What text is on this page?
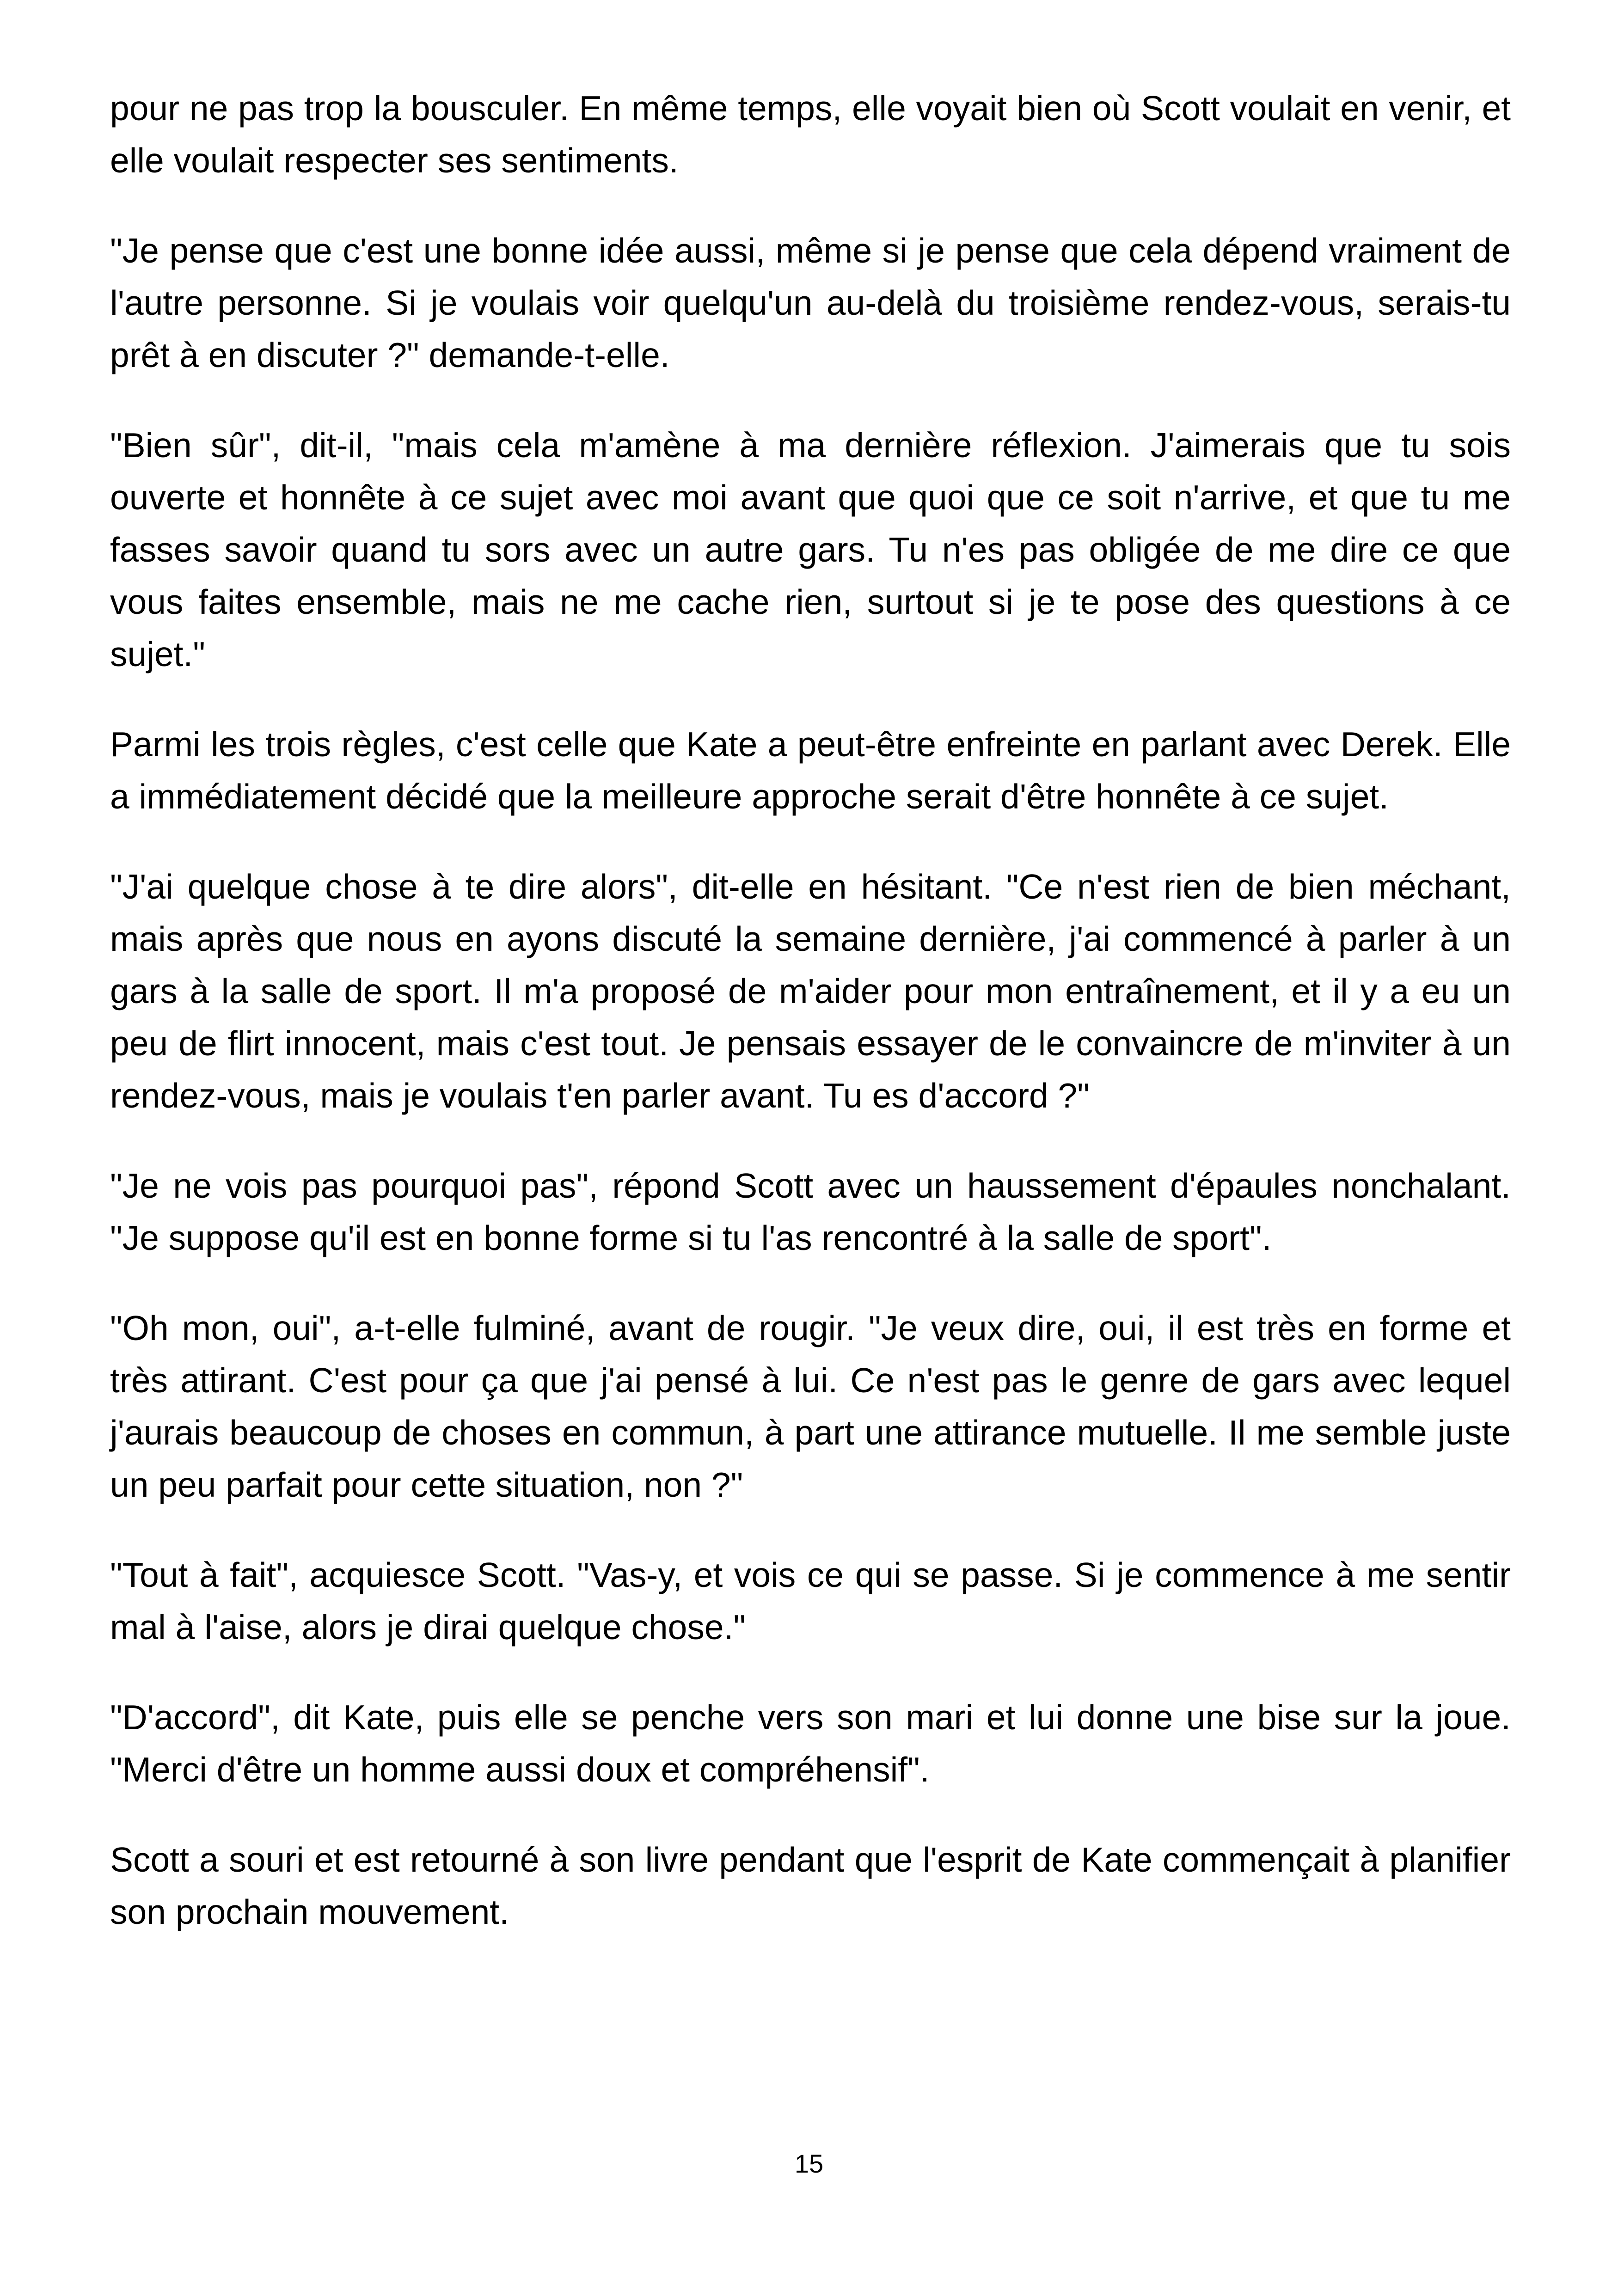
pour ne pas trop la bousculer. En même temps, elle voyait bien où Scott voulait en venir, et elle voulait respecter ses sentiments.

"Je pense que c'est une bonne idée aussi, même si je pense que cela dépend vraiment de l'autre personne. Si je voulais voir quelqu'un au-delà du troisième rendez-vous, serais-tu prêt à en discuter ?" demande-t-elle.

"Bien sûr", dit-il, "mais cela m'amène à ma dernière réflexion. J'aimerais que tu sois ouverte et honnête à ce sujet avec moi avant que quoi que ce soit n'arrive, et que tu me fasses savoir quand tu sors avec un autre gars. Tu n'es pas obligée de me dire ce que vous faites ensemble, mais ne me cache rien, surtout si je te pose des questions à ce sujet."

Parmi les trois règles, c'est celle que Kate a peut-être enfreinte en parlant avec Derek. Elle a immédiatement décidé que la meilleure approche serait d'être honnête à ce sujet.

"J'ai quelque chose à te dire alors", dit-elle en hésitant. "Ce n'est rien de bien méchant, mais après que nous en ayons discuté la semaine dernière, j'ai commencé à parler à un gars à la salle de sport. Il m'a proposé de m'aider pour mon entraînement, et il y a eu un peu de flirt innocent, mais c'est tout. Je pensais essayer de le convaincre de m'inviter à un rendez-vous, mais je voulais t'en parler avant. Tu es d'accord ?"

"Je ne vois pas pourquoi pas", répond Scott avec un haussement d'épaules nonchalant. "Je suppose qu'il est en bonne forme si tu l'as rencontré à la salle de sport".

"Oh mon, oui", a-t-elle fulminé, avant de rougir. "Je veux dire, oui, il est très en forme et très attirant. C'est pour ça que j'ai pensé à lui. Ce n'est pas le genre de gars avec lequel j'aurais beaucoup de choses en commun, à part une attirance mutuelle. Il me semble juste un peu parfait pour cette situation, non ?"

"Tout à fait", acquiesce Scott. "Vas-y, et vois ce qui se passe. Si je commence à me sentir mal à l'aise, alors je dirai quelque chose."

"D'accord", dit Kate, puis elle se penche vers son mari et lui donne une bise sur la joue. "Merci d'être un homme aussi doux et compréhensif".

Scott a souri et est retourné à son livre pendant que l'esprit de Kate commençait à planifier son prochain mouvement.

15
